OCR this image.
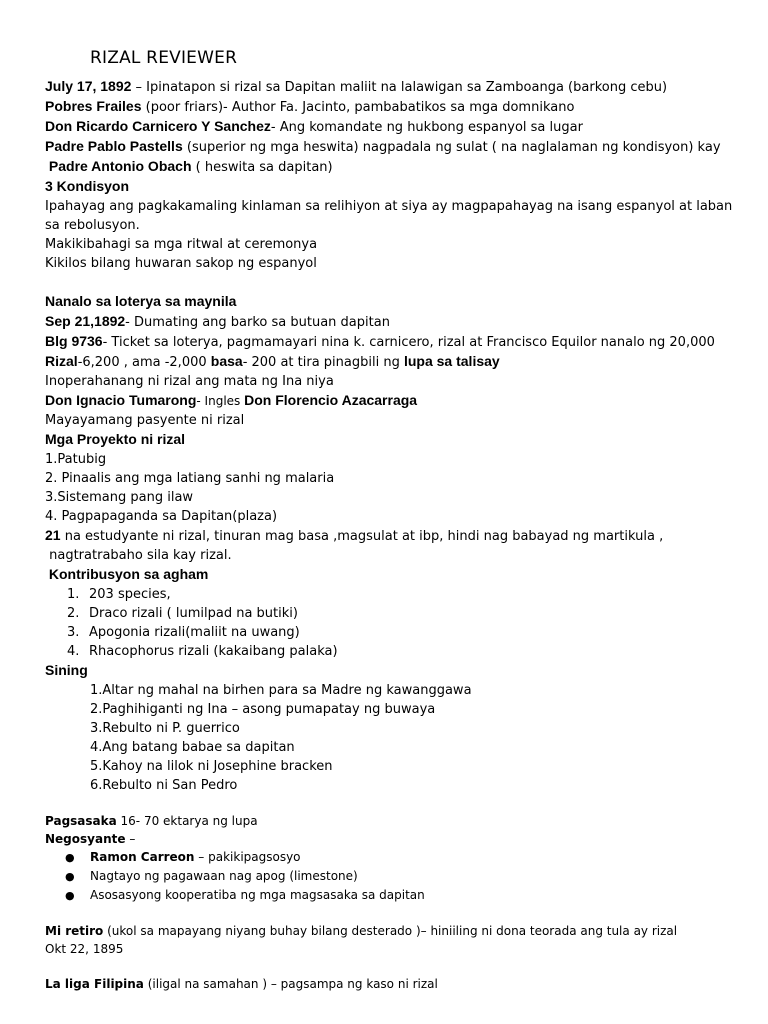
RIZAL REVIEWER
July 17, 1892 – Ipinatapon si rizal sa Dapitan maliit na lalawigan sa Zamboanga (barkong cebu)
Pobres Frailes (poor friars)- Author Fa. Jacinto, pambabatikos sa mga domnikano
Don Ricardo Carnicero Y Sanchez- Ang komandate ng hukbong espanyol sa lugar
Padre Pablo Pastells (superior ng mga heswita) nagpadala ng sulat ( na naglalaman ng kondisyon) kay
Padre Antonio Obach ( heswita sa dapitan)
3 Kondisyon
Ipahayag ang pagkakamaling kinlaman sa relihiyon at siya ay magpapahayag na isang espanyol at laban sa rebolusyon.
Makikibahagi sa mga ritwal at ceremonya
Kikilos bilang huwaran sakop ng espanyol
Nanalo sa loterya sa maynila
Sep 21,1892- Dumating ang barko sa butuan dapitan
Blg 9736- Ticket sa loterya, pagmamayari nina k. carnicero, rizal at Francisco Equilor nanalo ng 20,000
Rizal-6,200 , ama -2,000 basa- 200 at tira pinagbili ng lupa sa talisay
Inoperahanang ni rizal ang mata ng Ina niya
Don Ignacio Tumarong- Ingles Don Florencio Azacarraga
Mayayamang pasyente ni rizal
Mga Proyekto ni rizal
1.Patubig
2. Pinaalis ang mga latiang sanhi ng malaria
3.Sistemang pang ilaw
4. Pagpapaganda sa Dapitan(plaza)
21 na estudyante ni rizal, tinuran mag basa ,magsulat at ibp, hindi nag babayad ng martikula ,
nagtratrabaho sila kay rizal.
Kontribusyon sa agham
1. 203 species,
2. Draco rizali ( lumilpad na butiki)
3. Apogonia rizali(maliit na uwang)
4. Rhacophorus rizali (kakaibang palaka)
Sining
1.Altar ng mahal na birhen para sa Madre ng kawanggawa
2.Paghihiganti ng Ina – asong pumapatay ng buwaya
3.Rebulto ni P. guerrico
4.Ang batang babae sa dapitan
5.Kahoy na lilok ni Josephine bracken
6.Rebulto ni San Pedro
Pagsasaka 16- 70 ektarya ng lupa
Negosyante –
● Ramon Carreon – pakikipagsosyo
● Nagtayo ng pagawaan nag apog (limestone)
● Asosasyong kooperatiba ng mga magsasaka sa dapitan
Mi retiro (ukol sa mapayang niyang buhay bilang desterado )– hiniiling ni dona teorada ang tula ay rizal
Okt 22, 1895
La liga Filipina (iligal na samahan ) – pagsampa ng kaso ni rizal
